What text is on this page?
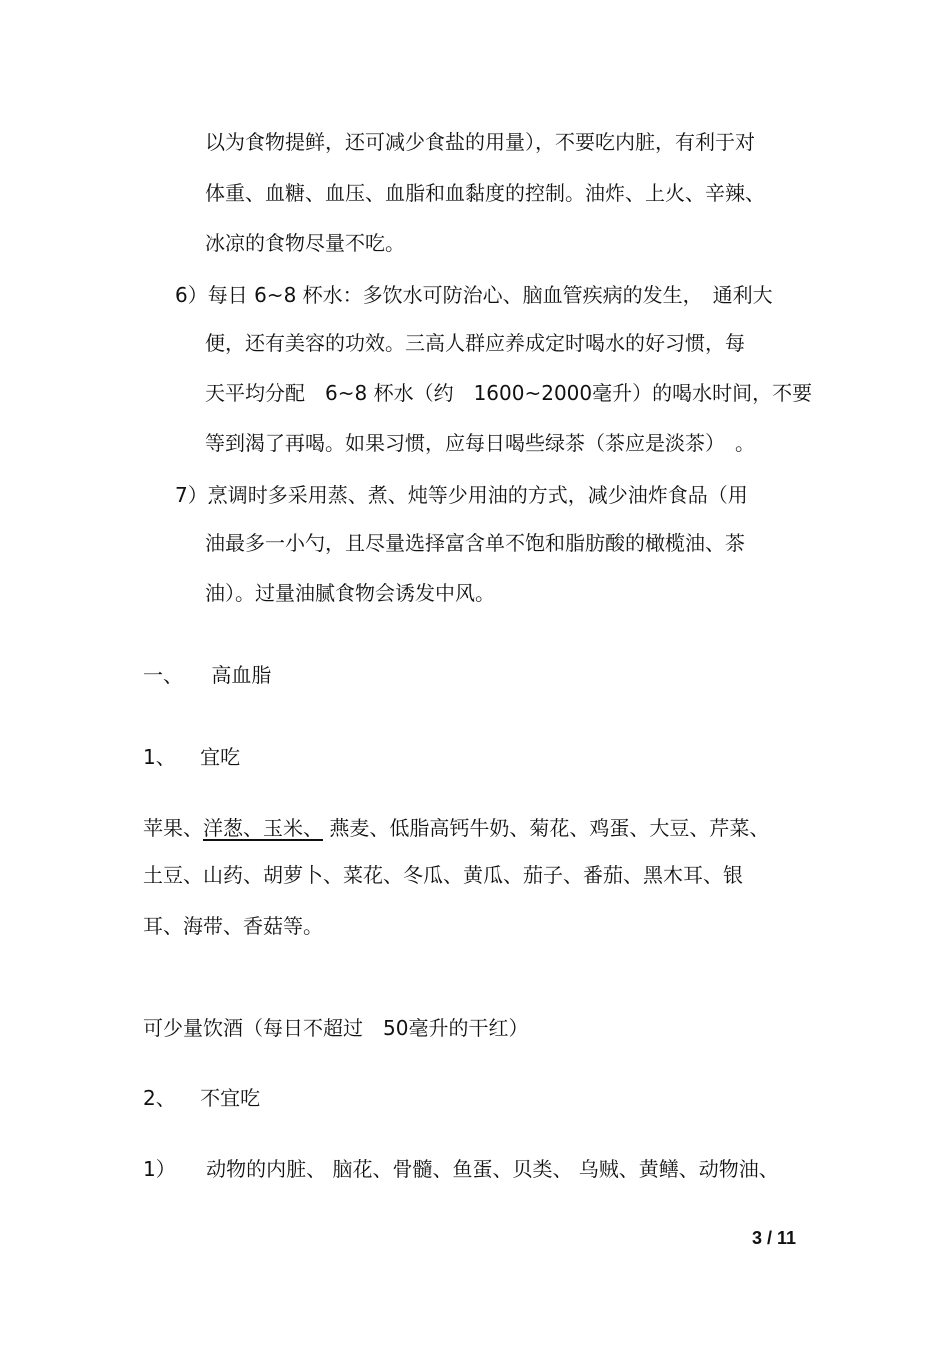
以为食物提鲜，还可减少食盐的用量），不要吃内脏，有利于对
体重、血糖、血压、血脂和血黏度的控制。油炸、上火、辛辣、
冰凉的食物尽量不吃。
6）每日 6~8 杯水：多饮水可防治心、脑血管疾病的发生，　通利大
便，还有美容的功效。三高人群应养成定时喝水的好习惯，每
天平均分配　6~8 杯水（约　1600~2000毫升）的喝水时间，不要
等到渴了再喝。如果习惯，应每日喝些绿茶（茶应是淡茶）　。
7）烹调时多采用蒸、煮、炖等少用油的方式，减少油炸食品（用
油最多一小勺，且尽量选择富含单不饱和脂肪酸的橄榄油、茶
油）。过量油腻食物会诱发中风。
一、 高血脂
1、 宜吃
苹果、洋葱、玉米、 燕麦、低脂高钙牛奶、菊花、鸡蛋、大豆、芹菜、
土豆、山药、胡萝卜、菜花、冬瓜、黄瓜、茄子、番茄、黑木耳、银
耳、海带、香菇等。
可少量饮酒（每日不超过　50毫升的干红）
2、 不宜吃
1） 动物的内脏、 脑花、骨髓、鱼蛋、贝类、 乌贼、黄鳝、动物油、
3 / 11
